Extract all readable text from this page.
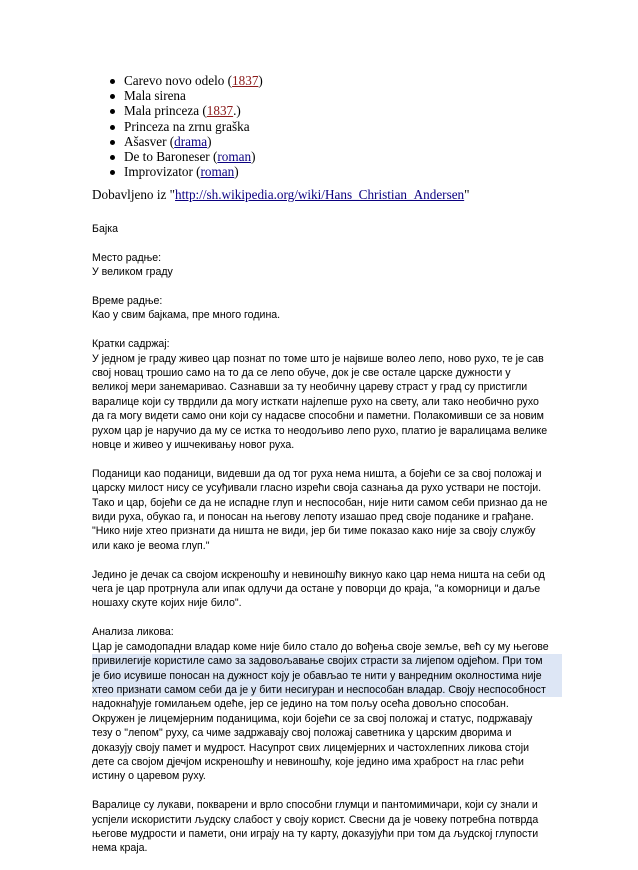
Carevo novo odelo (1837)
Mala sirena
Mala princeza (1837.)
Princeza na zrnu graška
Ašasver (drama)
De to Baroneser (roman)
Improvizator (roman)
Dobavljeno iz "http://sh.wikipedia.org/wiki/Hans_Christian_Andersen"

Бајка

Место радње:
У великом граду

Време радње:
Као у свим бајкама, пре много година.

Кратки садржај:
У једном је граду живео цар познат по томе што је највише волео лепо, ново рухо, те је сав
свој новац трошио само на то да се лепо обуче, док је све остале царске дужности у
великој мери занемаривао. Сазнавши за ту необичну цареву страст у град су пристигли
варалице који су тврдили да могу исткати најлепше рухо на свету, али тако необично рухо
да га могу видети само они који су надасве способни и паметни. Полакомивши се за новим
рухом цар је наручио да му се истка то неодољиво лепо рухо, платио је варалицама велике
новце и живео у ишчекивању новог руха.

Поданици као поданици, видевши да од тог руха нема ништа, а бојећи се за свој положај и
царску милост нису се усуђивали гласно изрећи своја сазнања да рухо уствари не постоји.
Тако и цар, бојећи се да не испадне глуп и неспособан, није нити самом себи признао да не
види руха, обукао га, и поносан на његову лепоту изашао пред своје поданике и грађане.
"Нико није хтео признати да ништа не види, јер би тиме показао како није за своју службу
или како је веома глуп."

Једино је дечак са својом искреношћу и невиношћу викнуо како цар нема ништа на себи од
чега је цар протрнула али ипак одлучи да остане у поворци до краја, "а коморници и даље
ношаху скуте којих није било".

Анализа ликова:
Цар је самодопадни владар коме није било стало до вођења своје земље, већ су му његове
привилегије користиле само за задовољавање својих страсти за лијепом одјећом. При том
је био исувише поносан на дужност коју је обављао те нити у ванредним околностима није
хтео признати самом себи да је у бити несигуран и неспособан владар. Своју неспособност
надокнађује гомилањем одеће, јер се једино на том пољу осећа довољно способан.
Окружен је лицемјерним поданицима, који бојећи се за свој положај и статус, подржавају
тезу о "лепом" руху, са чиме задржавају свој положај саветника у царским дворима и
доказују своју памет и мудрост. Насупрот свих лицемјерних и частохлепних ликова стоји
дете са својом дјечјом искреношћу и невиношћу, које једино има храброст на глас рећи
истину о царевом руху.

Варалице су лукави, покварени и врло способни глумци и пантомимичари, који су знали и
успјели искористити људску слабост у своју корист. Свесни да је човеку потребна потврда
његове мудрости и памети, они играју на ту карту, доказујући при том да људској глупости
нема краја.
